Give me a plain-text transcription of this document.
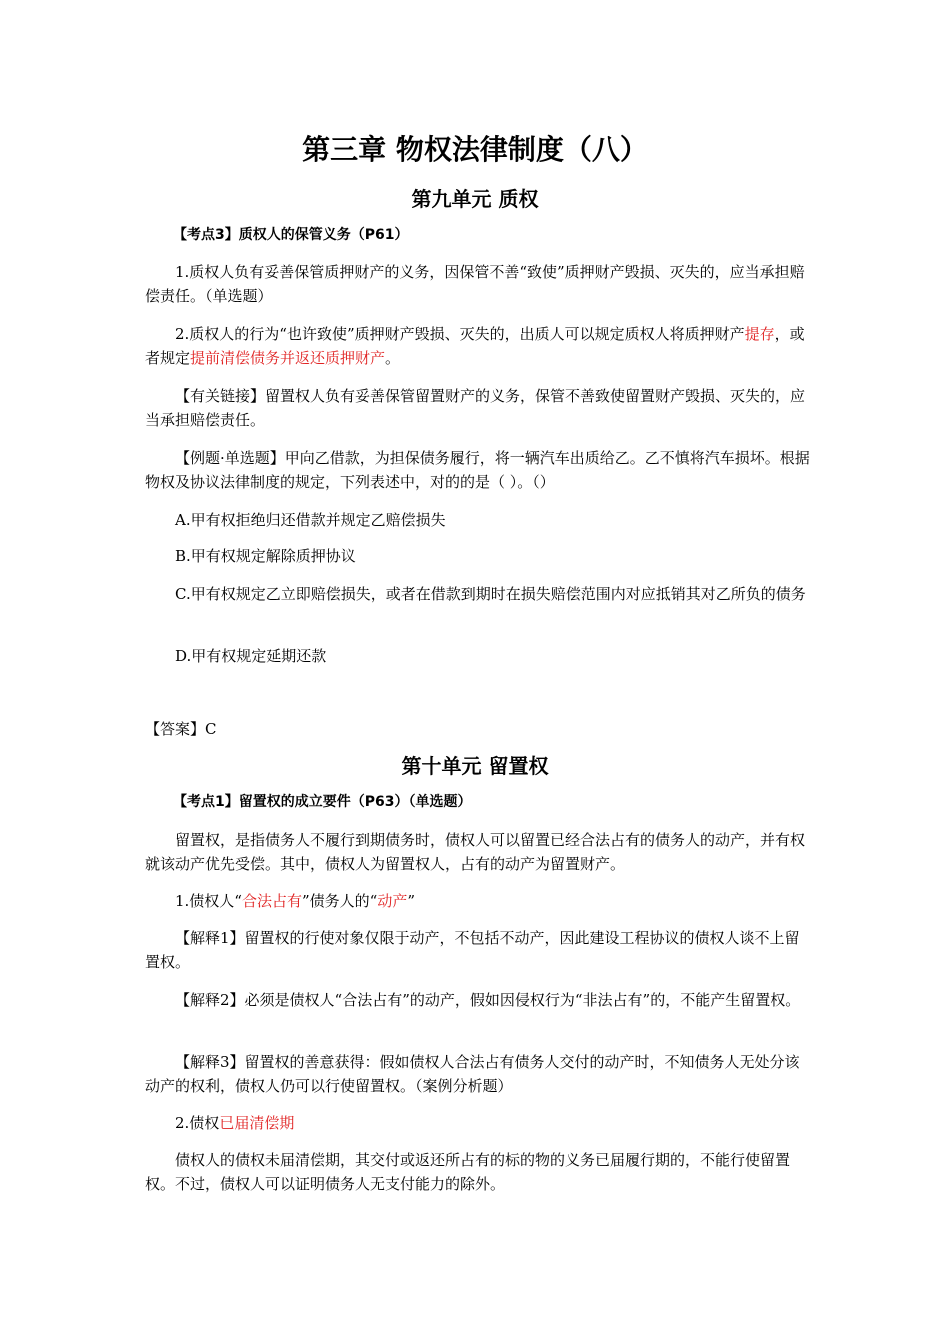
第三章 物权法律制度（八）
第九单元 质权

【考点3】质权人的保管义务（P61）

1.质权人负有妥善保管质押财产的义务，因保管不善“致使”质押财产毁损、灭失的，应当承担赔偿责任。（单选题）

2.质权人的行为“也许致使”质押财产毁损、灭失的，出质人可以规定质权人将质押财产提存，或者规定提前清偿债务并返还质押财产。

【有关链接】留置权人负有妥善保管留置财产的义务，保管不善致使留置财产毁损、灭失的，应当承担赔偿责任。

【例题·单选题】甲向乙借款，为担保债务履行，将一辆汽车出质给乙。乙不慎将汽车损坏。根据物权及协议法律制度的规定，下列表述中，对的的是（ ）。（）

A.甲有权拒绝归还借款并规定乙赔偿损失

B.甲有权规定解除质押协议

C.甲有权规定乙立即赔偿损失，或者在借款到期时在损失赔偿范围内对应抵销其对乙所负的债务

D.甲有权规定延期还款

【答案】C

第十单元 留置权

【考点1】留置权的成立要件（P63）（单选题）

留置权，是指债务人不履行到期债务时，债权人可以留置已经合法占有的债务人的动产，并有权就该动产优先受偿。其中，债权人为留置权人，占有的动产为留置财产。

1.债权人“合法占有”债务人的“动产”

【解释1】留置权的行使对象仅限于动产，不包括不动产，因此建设工程协议的债权人谈不上留置权。

【解释2】必须是债权人“合法占有”的动产，假如因侵权行为“非法占有”的，不能产生留置权。

【解释3】留置权的善意获得：假如债权人合法占有债务人交付的动产时，不知债务人无处分该动产的权利，债权人仍可以行使留置权。（案例分析题）

2.债权已届清偿期

债权人的债权未届清偿期，其交付或返还所占有的标的物的义务已届履行期的，不能行使留置权。不过，债权人可以证明债务人无支付能力的除外。
